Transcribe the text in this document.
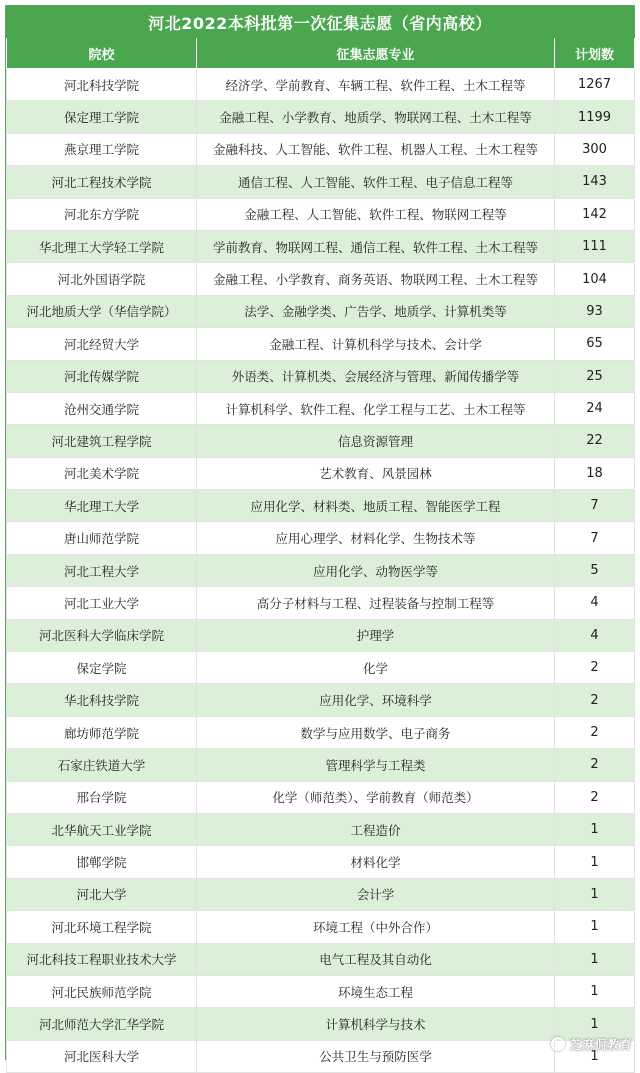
河北2022本科批第一次征集志愿（省内高校）
院校	征集志愿专业	计划数
河北科技学院	经济学、学前教育、车辆工程、软件工程、土木工程等	1267
保定理工学院	金融工程、小学教育、地质学、物联网工程、土木工程等	1199
燕京理工学院	金融科技、人工智能、软件工程、机器人工程、土木工程等	300
河北工程技术学院	通信工程、人工智能、软件工程、电子信息工程等	143
河北东方学院	金融工程、人工智能、软件工程、物联网工程等	142
华北理工大学轻工学院	学前教育、物联网工程、通信工程、软件工程、土木工程等	111
河北外国语学院	金融工程、小学教育、商务英语、物联网工程、土木工程等	104
河北地质大学（华信学院）	法学、金融学类、广告学、地质学、计算机类等	93
河北经贸大学	金融工程、计算机科学与技术、会计学	65
河北传媒学院	外语类、计算机类、会展经济与管理、新闻传播学等	25
沧州交通学院	计算机科学、软件工程、化学工程与工艺、土木工程等	24
河北建筑工程学院	信息资源管理	22
河北美术学院	艺术教育、风景园林	18
华北理工大学	应用化学、材料类、地质工程、智能医学工程	7
唐山师范学院	应用心理学、材料化学、生物技术等	7
河北工程大学	应用化学、动物医学等	5
河北工业大学	高分子材料与工程、过程装备与控制工程等	4
河北医科大学临床学院	护理学	4
保定学院	化学	2
华北科技学院	应用化学、环境科学	2
廊坊师范学院	数学与应用数学、电子商务	2
石家庄铁道大学	管理科学与工程类	2
邢台学院	化学（师范类）、学前教育（师范类）	2
北华航天工业学院	工程造价	1
邯郸学院	材料化学	1
河北大学	会计学	1
河北环境工程学院	环境工程（中外合作）	1
河北科技工程职业技术大学	电气工程及其自动化	1
河北民族师范学院	环境生态工程	1
河北师范大学汇华学院	计算机科学与技术	1
河北医科大学	公共卫生与预防医学	1
芝麻侃教育
